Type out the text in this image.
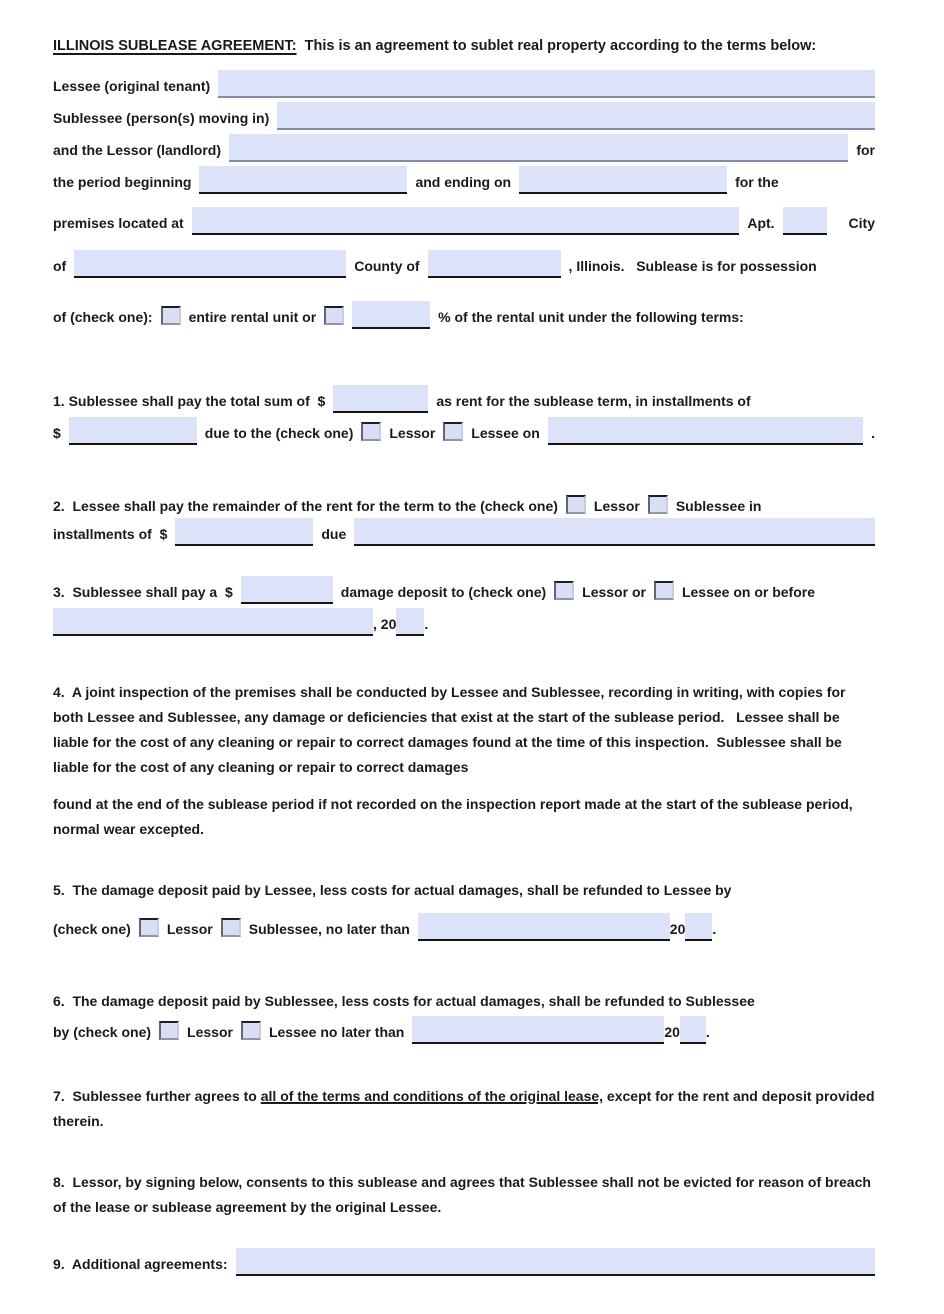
ILLINOIS SUBLEASE AGREEMENT:  This is an agreement to sublet real property according to the terms below:

Lessee (original tenant)
Sublessee (person(s) moving in)
and the Lessor (landlord)	for
the period beginning	and ending on	for the
premises located at	Apt.	City
of	County of	, Illinois.   Sublease is for possession
of (check one):	entire rental unit or	% of the rental unit under the following terms:
1. Sublessee shall pay the total sum of  $	as rent for the sublease term, in installments of
$	due to the (check one)	Lessor	Lessee on	.
2.  Lessee shall pay the remainder of the rent for the term to the (check one)	Lessor	Sublessee in
installments of  $	due
3.  Sublessee shall pay a  $	damage deposit to (check one)	Lessor or	Lessee on or before
, 20 .

4.  A joint inspection of the premises shall be conducted by Lessee and Sublessee, recording in writing, with copies for both Lessee and Sublessee, any damage or deficiencies that exist at the start of the sublease period.   Lessee shall be liable for the cost of any cleaning or repair to correct damages found at the time of this inspection.  Sublessee shall be liable for the cost of any cleaning or repair to correct damages

found at the end of the sublease period if not recorded on the inspection report made at the start of the sublease period, normal wear excepted.

5.  The damage deposit paid by Lessee, less costs for actual damages, shall be refunded to Lessee by

(check one)	Lessor	Sublessee, no later than	20 .

6.  The damage deposit paid by Sublessee, less costs for actual damages, shall be refunded to Sublessee

by (check one)	Lessor	Lessee no later than	20 .

7.  Sublessee further agrees to all of the terms and conditions of the original lease, except for the rent and deposit provided therein.

8.  Lessor, by signing below, consents to this sublease and agrees that Sublessee shall not be evicted for reason of breach of the lease or sublease agreement by the original Lessee.

9.  Additional agreements:
